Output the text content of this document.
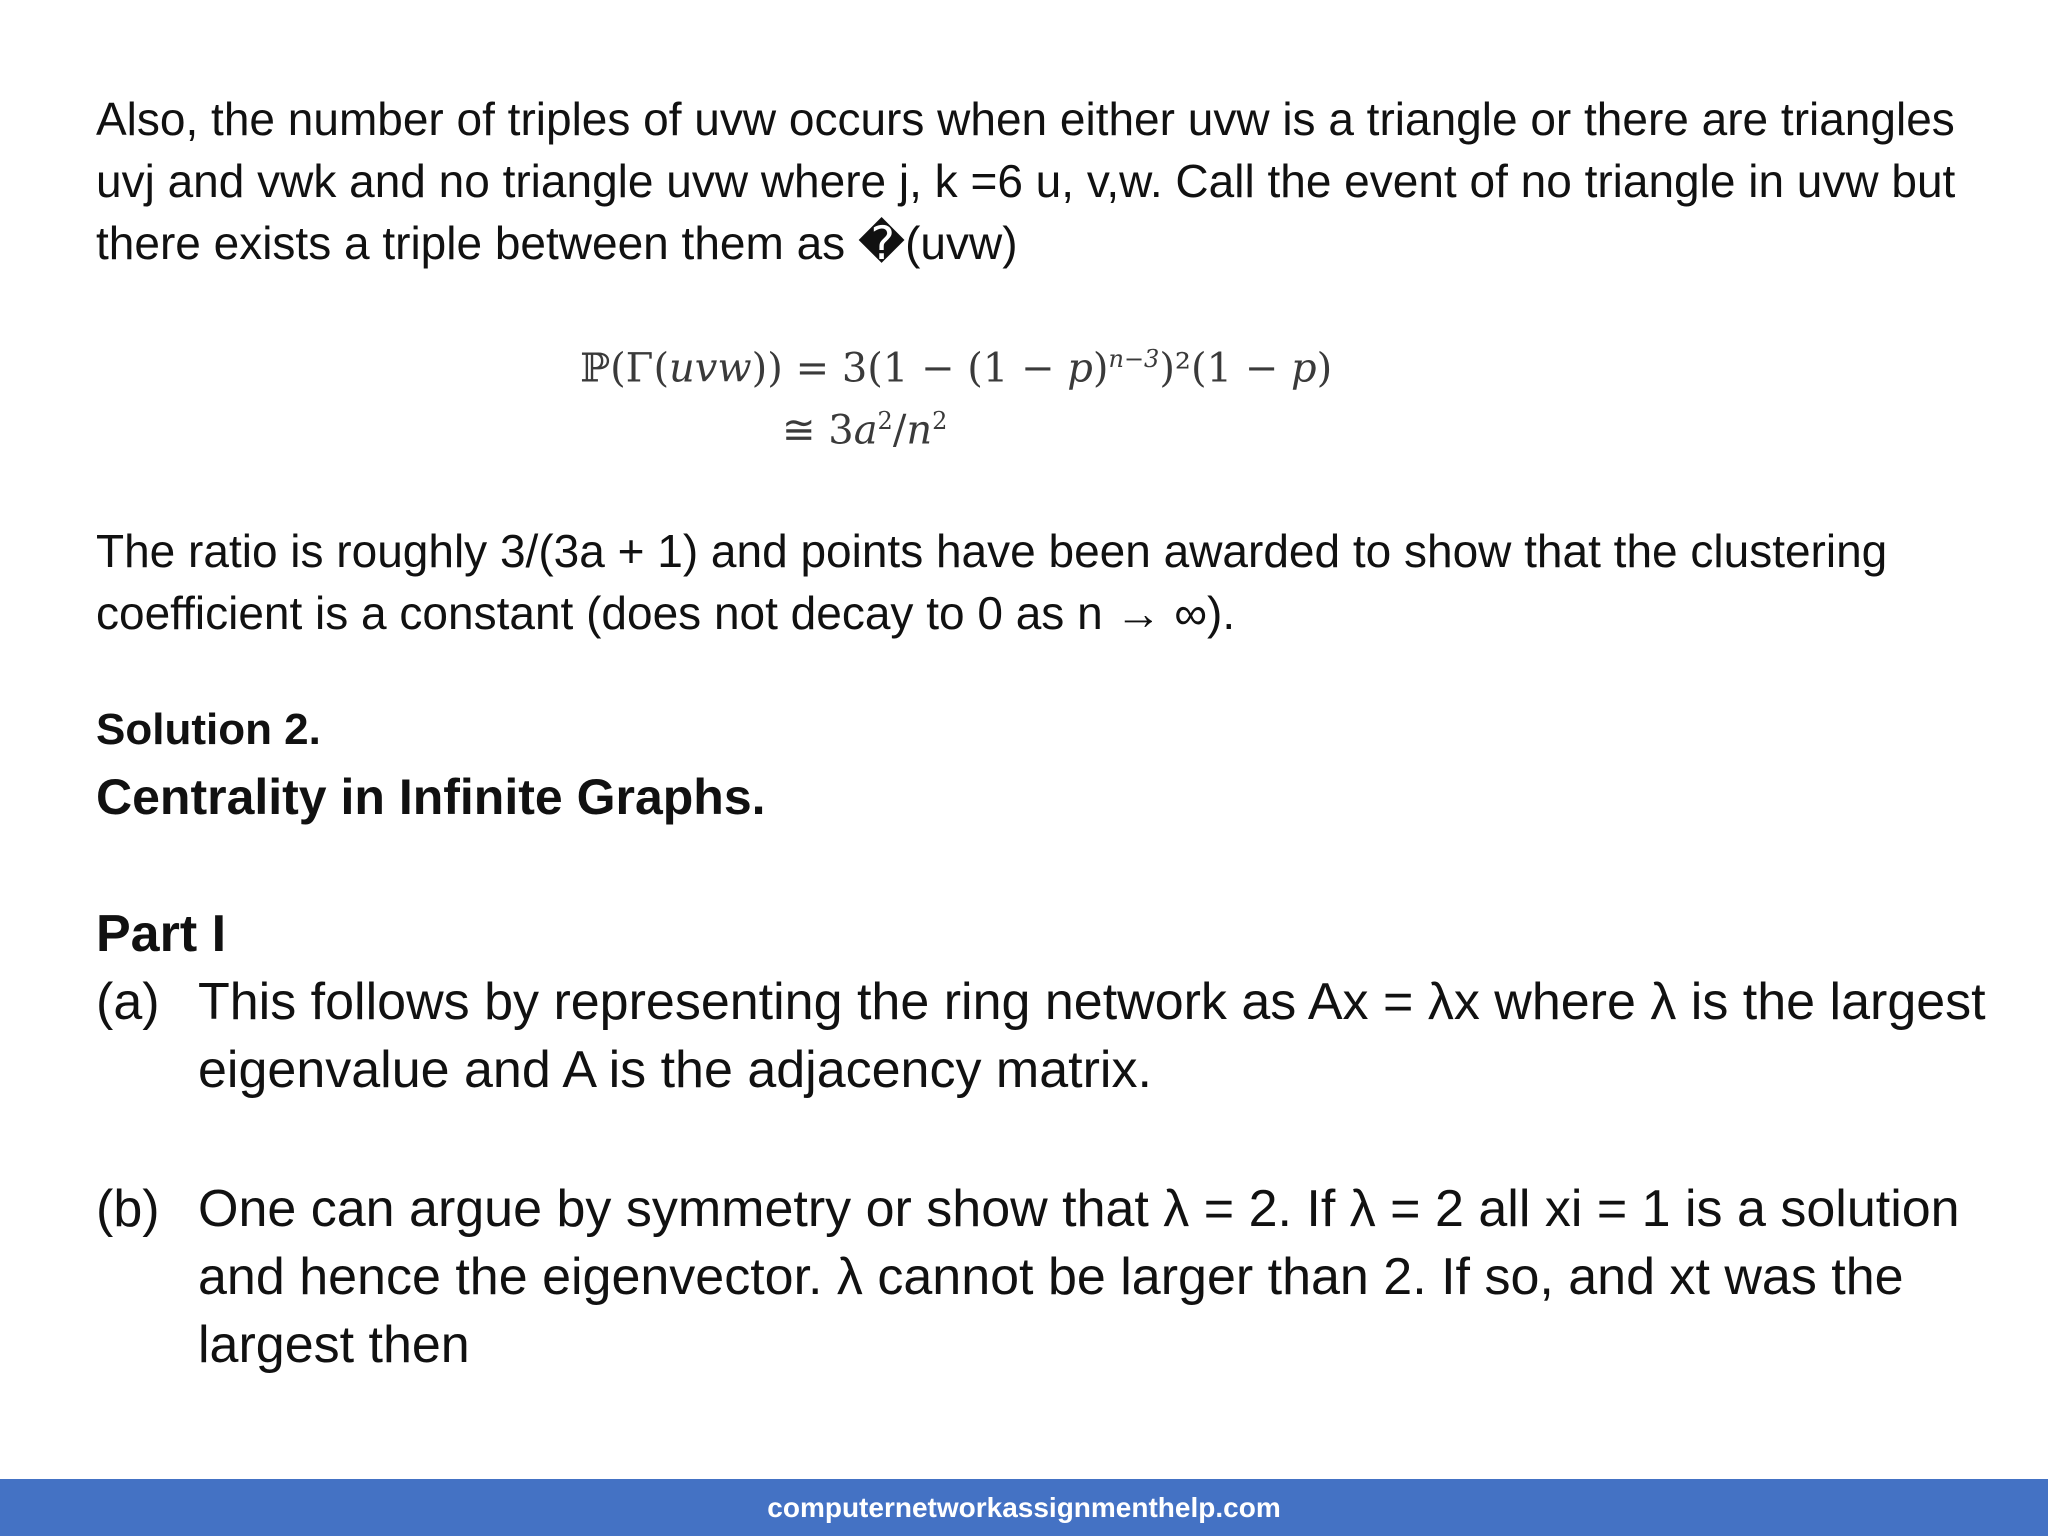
Also, the number of triples of uvw occurs when either uvw is a triangle or there are triangles uvj and vwk and no triangle uvw where j, k =6 u, v,w. Call the event of no triangle in uvw but there exists a triple between them as �(uvw)

ℙ(Γ(uvw)) = $3(1 - (1 - p)^{n-3})^2(1 - p)$
≅ $3a^2/n^2$

The ratio is roughly 3/(3a + 1) and points have been awarded to show that the clustering coefficient is a constant (does not decay to 0 as n → ∞).

Solution 2.

Centrality in Infinite Graphs.
Part I
(a) This follows by representing the ring network as Ax = λx where λ is the largest eigenvalue and A is the adjacency matrix.
(b) One can argue by symmetry or show that λ = 2. If λ = 2 all xi = 1 is a solution and hence the eigenvector. λ cannot be larger than 2. If so, and xt was the largest then
computernetworkassignmenthelp.com
